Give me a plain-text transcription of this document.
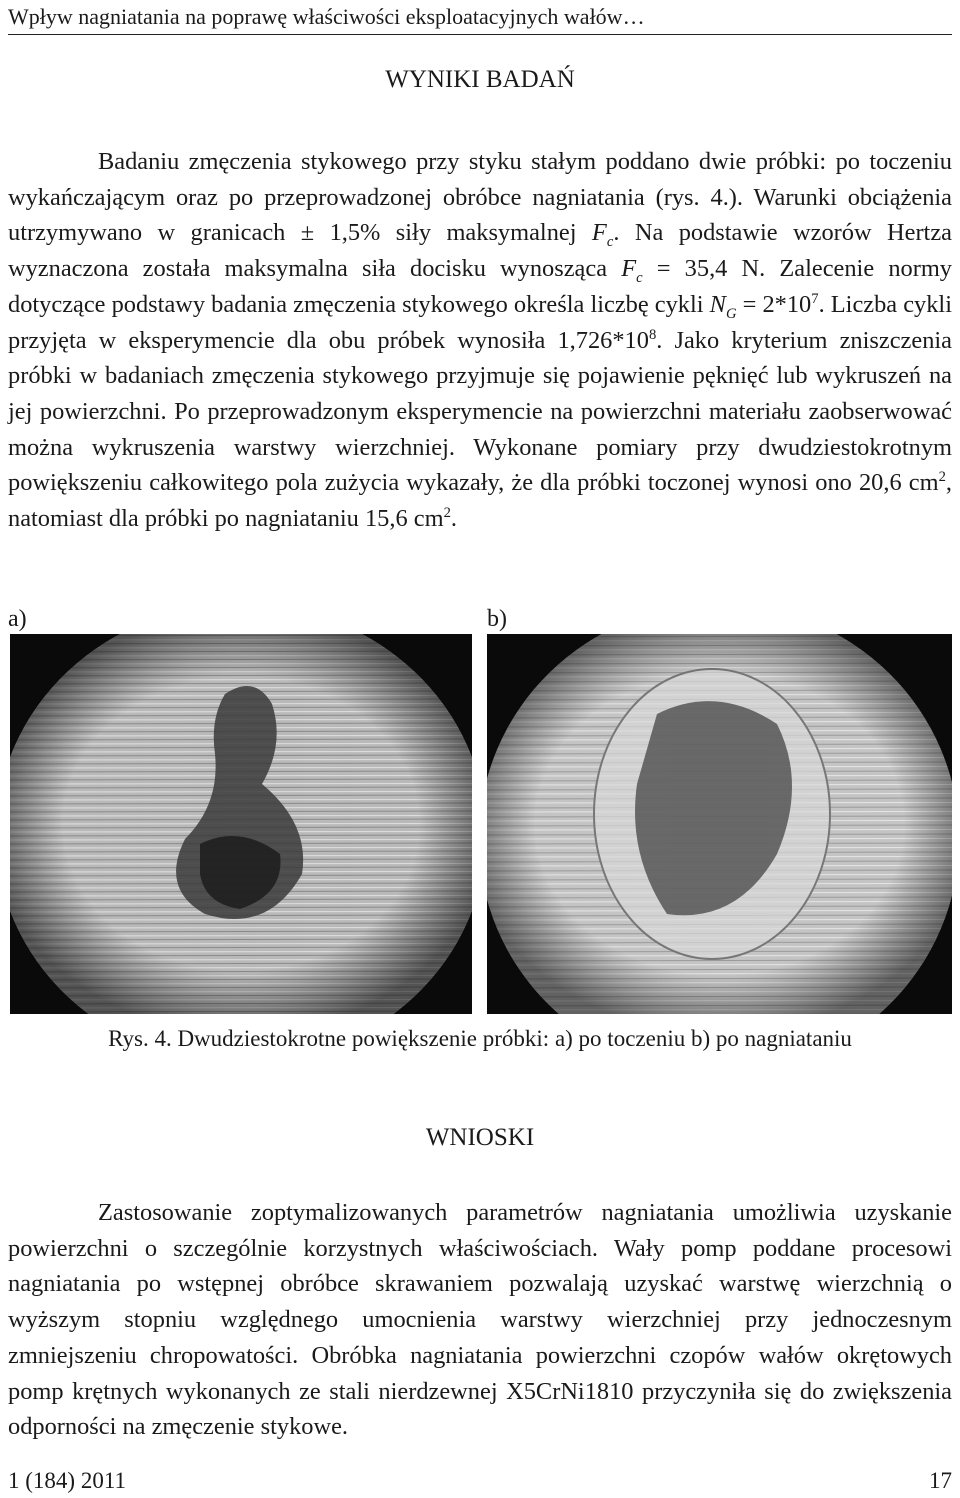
Wpływ nagniatania na poprawę właściwości eksploatacyjnych wałów…
WYNIKI BADAŃ

Badaniu zmęczenia stykowego przy styku stałym poddano dwie próbki: po toczeniu wykańczającym oraz po przeprowadzonej obróbce nagniatania (rys. 4.). Warunki obciążenia utrzymywano w granicach ± 1,5% siły maksymalnej $F_c$. Na podstawie wzorów Hertza wyznaczona została maksymalna siła docisku wynosząca $F_c = 35,4$ N. Zalecenie normy dotyczące podstawy badania zmęczenia stykowego określa liczbę cykli $N_G = 2*10^7$. Liczba cykli przyjęta w eksperymencie dla obu próbek wynosiła $1,726*10^8$. Jako kryterium zniszczenia próbki w badaniach zmęczenia stykowego przyjmuje się pojawienie pęknięć lub wykruszeń na jej powierzchni. Po przeprowadzonym eksperymencie na powierzchni materiału zaobserwować można wykruszenia warstwy wierzchniej. Wykonane pomiary przy dwudziestokrotnym powiększeniu całkowitego pola zużycia wykazały, że dla próbki toczonej wynosi ono 20,6 $cm^2$, natomiast dla próbki po nagniataniu 15,6 $cm^2$.

a)	b)
Rys. 4. Dwudziestokrotne powiększenie próbki: a) po toczeniu b) po nagniataniu
WNIOSKI

Zastosowanie zoptymalizowanych parametrów nagniatania umożliwia uzyskanie powierzchni o szczególnie korzystnych właściwościach. Wały pomp poddane procesowi nagniatania po wstępnej obróbce skrawaniem pozwalają uzyskać warstwę wierzchnią o wyższym stopniu względnego umocnienia warstwy wierzchniej przy jednoczesnym zmniejszeniu chropowatości. Obróbka nagniatania powierzchni czopów wałów okrętowych pomp krętnych wykonanych ze stali nierdzewnej X5CrNi1810 przyczyniła się do zwiększenia odporności na zmęczenie stykowe.

1 (184) 2011	17
